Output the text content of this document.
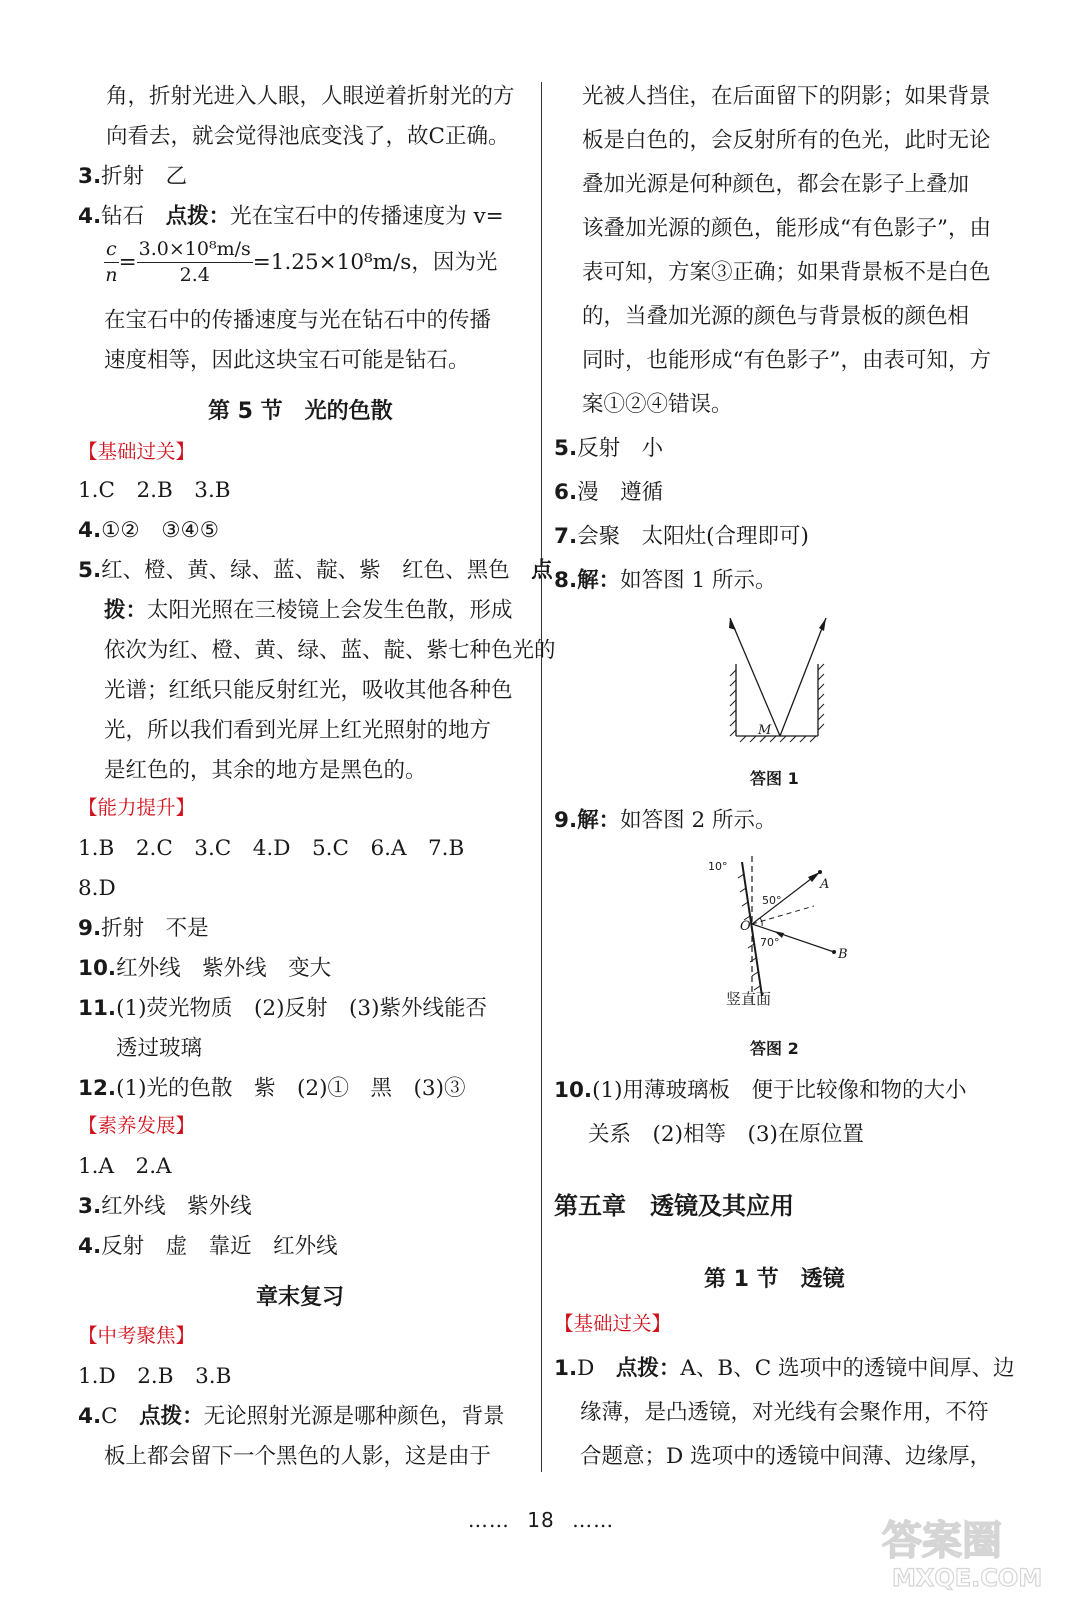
角，折射光进入人眼，人眼逆着折射光的方
向看去，就会觉得池底变浅了，故C正确。
3.折射　乙
4.钻石　点拨：光在宝石中的传播速度为 v=
$\frac{c}{n} = \frac{\text{3.0×10⁸m/s}}{2.4} =1.25\times 10^8m/s$，因为光
在宝石中的传播速度与光在钻石中的传播
速度相等，因此这块宝石可能是钻石。
第 5 节　光的色散
【基础过关】
1.C　2.B　3.B
4.①②　③④⑤
5.红、橙、黄、绿、蓝、靛、紫　红色、黑色　点
拨：太阳光照在三棱镜上会发生色散，形成
依次为红、橙、黄、绿、蓝、靛、紫七种色光的
光谱；红纸只能反射红光，吸收其他各种色
光，所以我们看到光屏上红光照射的地方
是红色的，其余的地方是黑色的。
【能力提升】
1.B　2.C　3.C　4.D　5.C　6.A　7.B
8.D
9.折射　不是
10.红外线　紫外线　变大
11.(1)荧光物质　(2)反射　(3)紫外线能否
透过玻璃
12.(1)光的色散　紫　(2)①　黑　(3)③
【素养发展】
1.A　2.A
3.红外线　紫外线
4.反射　虚　靠近　红外线
章末复习
【中考聚焦】
1.D　2.B　3.B
4.C　点拨：无论照射光源是哪种颜色，背景
板上都会留下一个黑色的人影，这是由于
光被人挡住，在后面留下的阴影；如果背景
板是白色的，会反射所有的色光，此时无论
叠加光源是何种颜色，都会在影子上叠加
该叠加光源的颜色，能形成“有色影子”，由
表可知，方案③正确；如果背景板不是白色
的，当叠加光源的颜色与背景板的颜色相
同时，也能形成“有色影子”，由表可知，方
案①②④错误。
5.反射　小
6.漫　遵循
7.会聚　太阳灶(合理即可)
8.解：如答图 1 所示。
M
答图 1
9.解：如答图 2 所示。
10°
50°
70°
A
B
O
竖直面
答图 2
10.(1)用薄玻璃板　便于比较像和物的大小
关系　(2)相等　(3)在原位置
第五章　透镜及其应用
第 1 节　透镜
【基础过关】
1.D　点拨：A、B、C 选项中的透镜中间厚、边
缘薄，是凸透镜，对光线有会聚作用，不符
合题意；D 选项中的透镜中间薄、边缘厚，
…… 18 ……	答案圈
MXQE.COM
